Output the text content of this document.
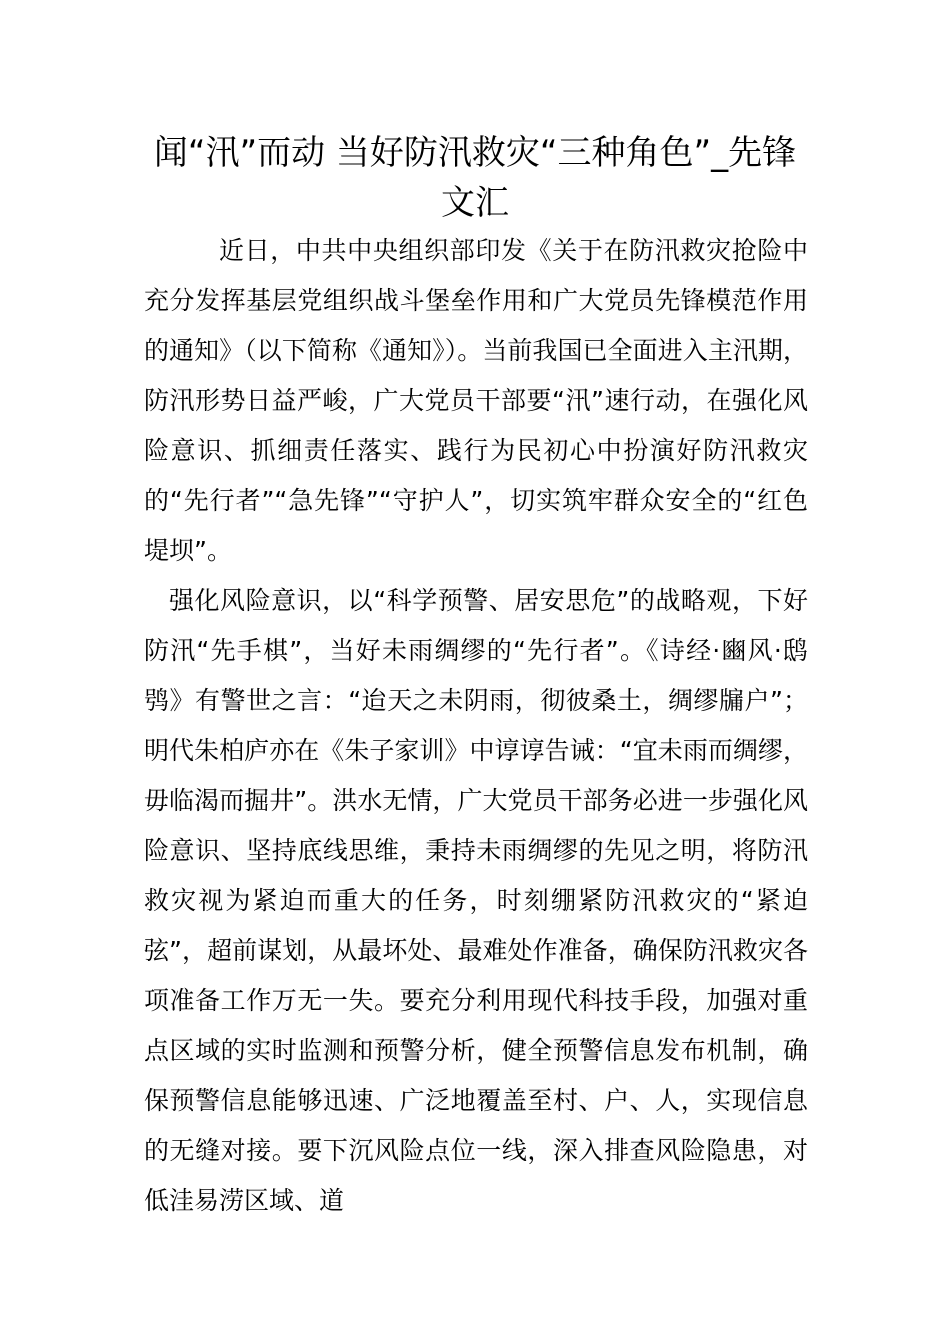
闻“汛”而动 当好防汛救灾“三种角色”_先锋文汇

近日，中共中央组织部印发《关于在防汛救灾抢险中充分发挥基层党组织战斗堡垒作用和广大党员先锋模范作用的通知》（以下简称《通知》）。当前我国已全面进入主汛期，防汛形势日益严峻，广大党员干部要“汛”速行动，在强化风险意识、抓细责任落实、践行为民初心中扮演好防汛救灾的“先行者”“急先锋”“守护人”，切实筑牢群众安全的“红色堤坝”。

强化风险意识，以“科学预警、居安思危”的战略观，下好防汛“先手棋”，当好未雨绸缪的“先行者”。《诗经·豳风·鸱鸮》有警世之言：“迨天之未阴雨，彻彼桑土，绸缪牖户”；明代朱柏庐亦在《朱子家训》中谆谆告诫：“宜未雨而绸缪，毋临渴而掘井”。洪水无情，广大党员干部务必进一步强化风险意识、坚持底线思维，秉持未雨绸缪的先见之明，将防汛救灾视为紧迫而重大的任务，时刻绷紧防汛救灾的“紧迫弦”，超前谋划，从最坏处、最难处作准备，确保防汛救灾各项准备工作万无一失。要充分利用现代科技手段，加强对重点区域的实时监测和预警分析，健全预警信息发布机制，确保预警信息能够迅速、广泛地覆盖至村、户、人，实现信息的无缝对接。要下沉风险点位一线，深入排查风险隐患，对低洼易涝区域、道
